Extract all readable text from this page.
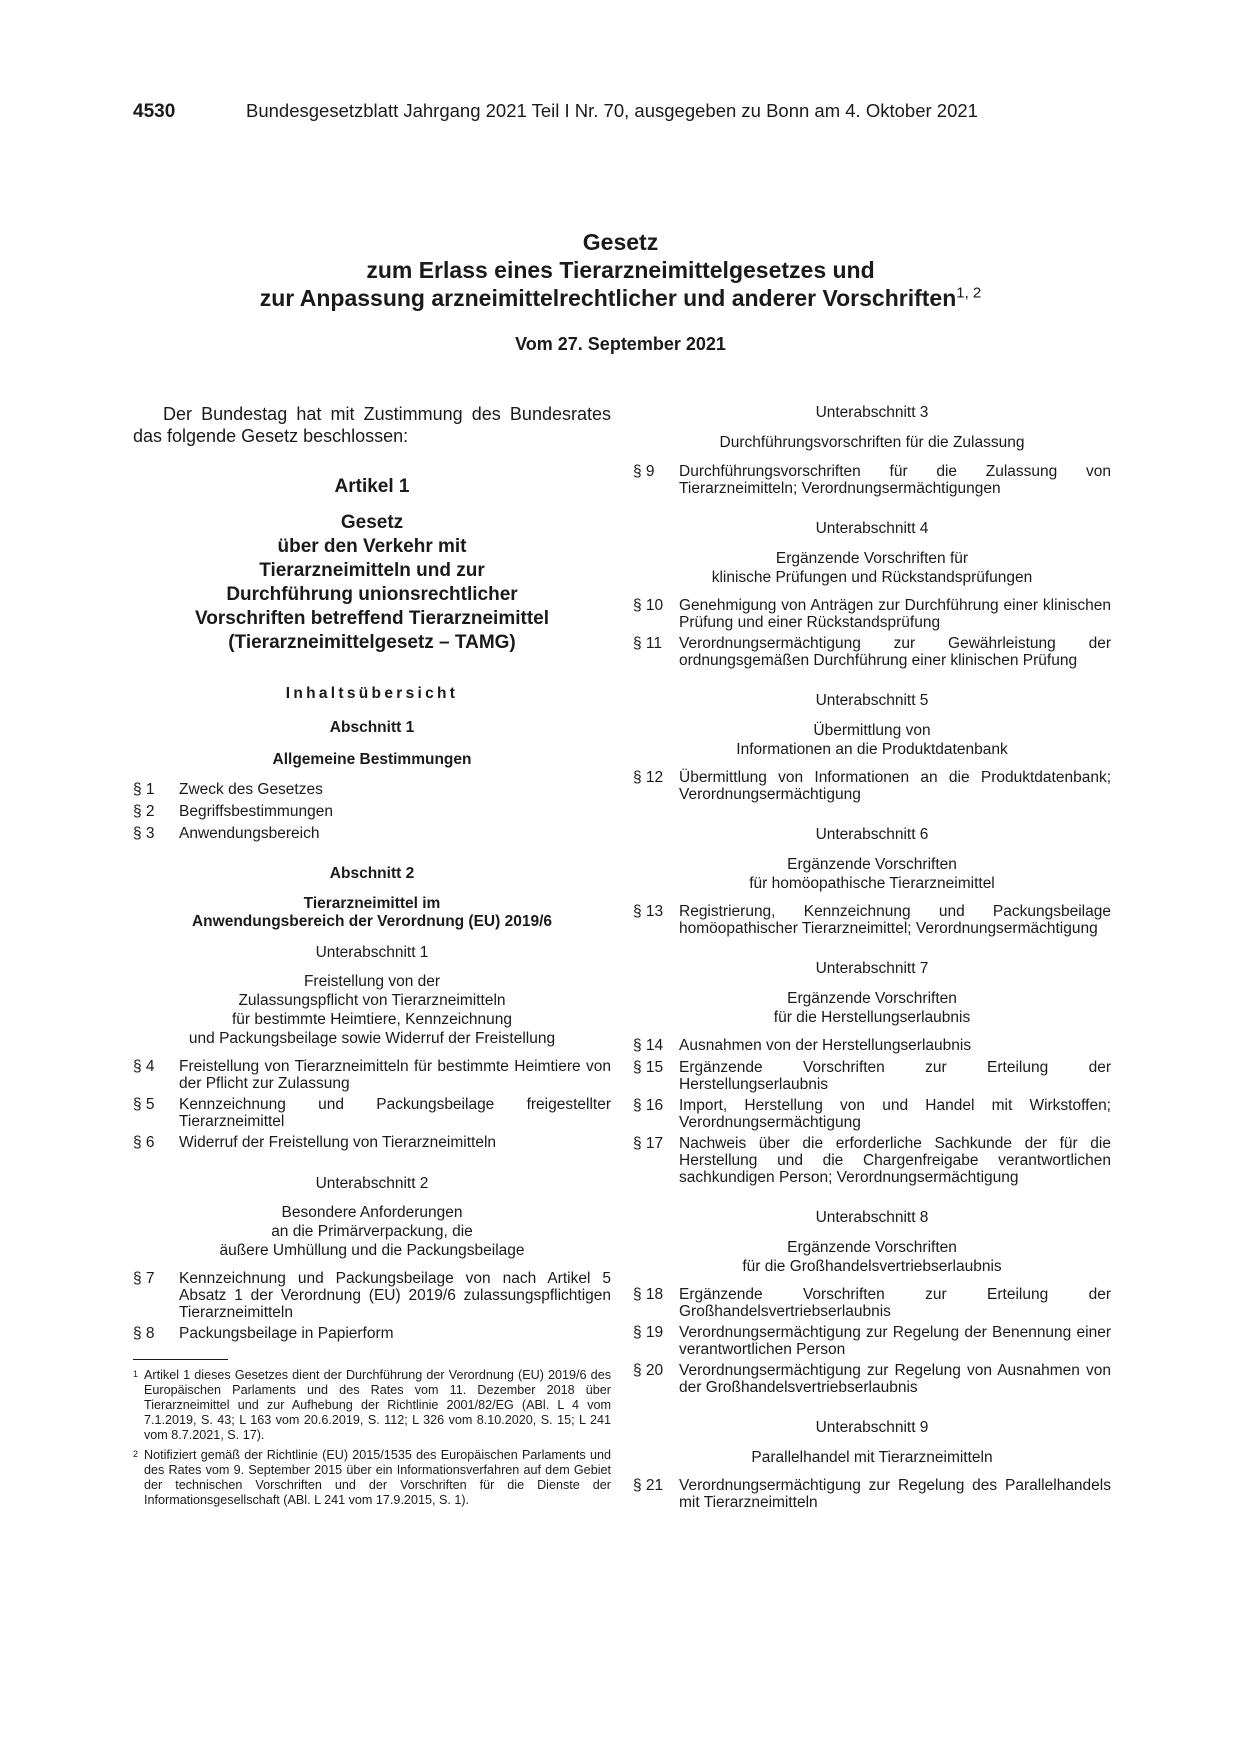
4530	Bundesgesetzblatt Jahrgang 2021 Teil I Nr. 70, ausgegeben zu Bonn am 4. Oktober 2021
Gesetz
zum Erlass eines Tierarzneimittelgesetzes und
zur Anpassung arzneimittelrechtlicher und anderer Vorschriften$^{1, 2}$
Vom 27. September 2021
Der Bundestag hat mit Zustimmung des Bundesrates das folgende Gesetz beschlossen:
Artikel 1
Gesetz
über den Verkehr mit
Tierarzneimitteln und zur
Durchführung unionsrechtlicher
Vorschriften betreffend Tierarzneimittel
(Tierarzneimittelgesetz – TAMG)
Inhaltsübersicht
Abschnitt 1
Allgemeine Bestimmungen
§ 1	Zweck des Gesetzes
§ 2	Begriffsbestimmungen
§ 3	Anwendungsbereich
Abschnitt 2
Tierarzneimittel im
Anwendungsbereich der Verordnung (EU) 2019/6
Unterabschnitt 1
Freistellung von der
Zulassungspflicht von Tierarzneimitteln
für bestimmte Heimtiere, Kennzeichnung
und Packungsbeilage sowie Widerruf der Freistellung
§ 4	Freistellung von Tierarzneimitteln für bestimmte Heimtiere von der Pflicht zur Zulassung
§ 5	Kennzeichnung und Packungsbeilage freigestellter Tierarzneimittel
§ 6	Widerruf der Freistellung von Tierarzneimitteln
Unterabschnitt 2
Besondere Anforderungen
an die Primärverpackung, die
äußere Umhüllung und die Packungsbeilage
§ 7	Kennzeichnung und Packungsbeilage von nach Artikel 5 Absatz 1 der Verordnung (EU) 2019/6 zulassungspflichtigen Tierarzneimitteln
§ 8	Packungsbeilage in Papierform
1 Artikel 1 dieses Gesetzes dient der Durchführung der Verordnung (EU) 2019/6 des Europäischen Parlaments und des Rates vom 11. Dezember 2018 über Tierarzneimittel und zur Aufhebung der Richtlinie 2001/82/EG (ABl. L 4 vom 7.1.2019, S. 43; L 163 vom 20.6.2019, S. 112; L 326 vom 8.10.2020, S. 15; L 241 vom 8.7.2021, S. 17).
2 Notifiziert gemäß der Richtlinie (EU) 2015/1535 des Europäischen Parlaments und des Rates vom 9. September 2015 über ein Informationsverfahren auf dem Gebiet der technischen Vorschriften und der Vorschriften für die Dienste der Informationsgesellschaft (ABl. L 241 vom 17.9.2015, S. 1).
Unterabschnitt 3
Durchführungsvorschriften für die Zulassung
§ 9	Durchführungsvorschriften für die Zulassung von Tierarzneimitteln; Verordnungsermächtigungen
Unterabschnitt 4
Ergänzende Vorschriften für
klinische Prüfungen und Rückstandsprüfungen
§ 10	Genehmigung von Anträgen zur Durchführung einer klinischen Prüfung und einer Rückstandsprüfung
§ 11	Verordnungsermächtigung zur Gewährleistung der ordnungsgemäßen Durchführung einer klinischen Prüfung
Unterabschnitt 5
Übermittlung von
Informationen an die Produktdatenbank
§ 12	Übermittlung von Informationen an die Produktdatenbank; Verordnungsermächtigung
Unterabschnitt 6
Ergänzende Vorschriften
für homöopathische Tierarzneimittel
§ 13	Registrierung, Kennzeichnung und Packungsbeilage homöopathischer Tierarzneimittel; Verordnungsermächtigung
Unterabschnitt 7
Ergänzende Vorschriften
für die Herstellungserlaubnis
§ 14	Ausnahmen von der Herstellungserlaubnis
§ 15	Ergänzende Vorschriften zur Erteilung der Herstellungserlaubnis
§ 16	Import, Herstellung von und Handel mit Wirkstoffen; Verordnungsermächtigung
§ 17	Nachweis über die erforderliche Sachkunde der für die Herstellung und die Chargenfreigabe verantwortlichen sachkundigen Person; Verordnungsermächtigung
Unterabschnitt 8
Ergänzende Vorschriften
für die Großhandelsvertriebserlaubnis
§ 18	Ergänzende Vorschriften zur Erteilung der Großhandelsvertriebserlaubnis
§ 19	Verordnungsermächtigung zur Regelung der Benennung einer verantwortlichen Person
§ 20	Verordnungsermächtigung zur Regelung von Ausnahmen von der Großhandelsvertriebserlaubnis
Unterabschnitt 9
Parallelhandel mit Tierarzneimitteln
§ 21	Verordnungsermächtigung zur Regelung des Parallelhandels mit Tierarzneimitteln
